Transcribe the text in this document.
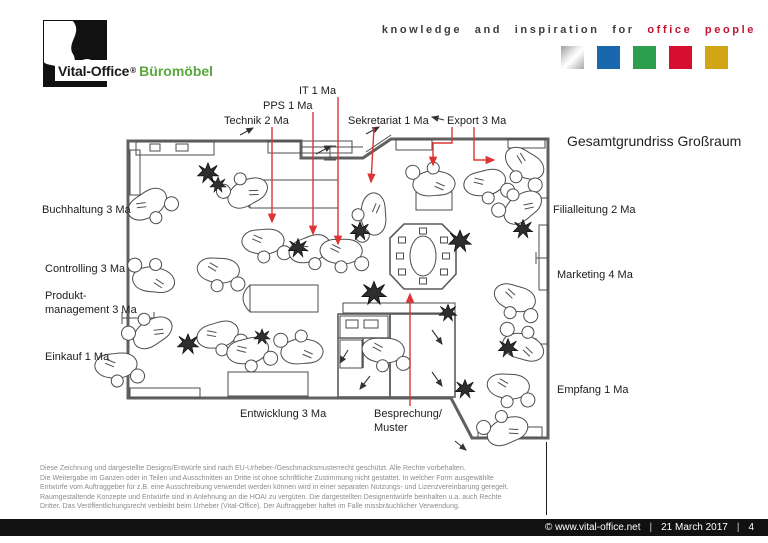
Vital-Office ® Büromöbel
knowledge and inspiration for office people
Gesamtgrundriss Großraum
IT 1 Ma
PPS 1 Ma
Technik 2 Ma	Sekretariat 1 Ma Export 3 Ma
Buchhaltung 3 Ma
Controlling 3 Ma
Produkt-
management 3 Ma
Einkauf 1 Ma
Filialleitung 2 Ma
Marketing 4 Ma
Empfang 1 Ma
Entwicklung 3 Ma	Besprechung/
Muster
Diese Zeichnung und dargestellte Designs/Entwürfe sind nach EU-Urheber-/Geschmacksmusterrecht geschützt. Alle Rechte vorbehalten.
Die Weitergabe im Ganzen oder in Teilen und Ausschnitten an Dritte ist ohne schriftliche Zustimmung nicht gestattet. In welcher Form ausgewählte
Entwürfe vom Auftraggeber für z.B. eine Ausschreibung verwendet werden können wird in einer separaten Nutzungs- und Lizenzvereinbarung geregelt.
Raumgestaltende Konzepte und Entwürfe sind in Anlehnung an die HOAI zu vergüten. Die dargestellten Designentwürfe beinhalten u.a. auch Rechte
Dritter. Das Veröffentlichungsrecht verbleibt beim Urheber (Vital-Office). Der Auftraggeber haftet im Falle missbräuchlicher Verwendung.
© www.vital-office.net | 21 March 2017 | 4
